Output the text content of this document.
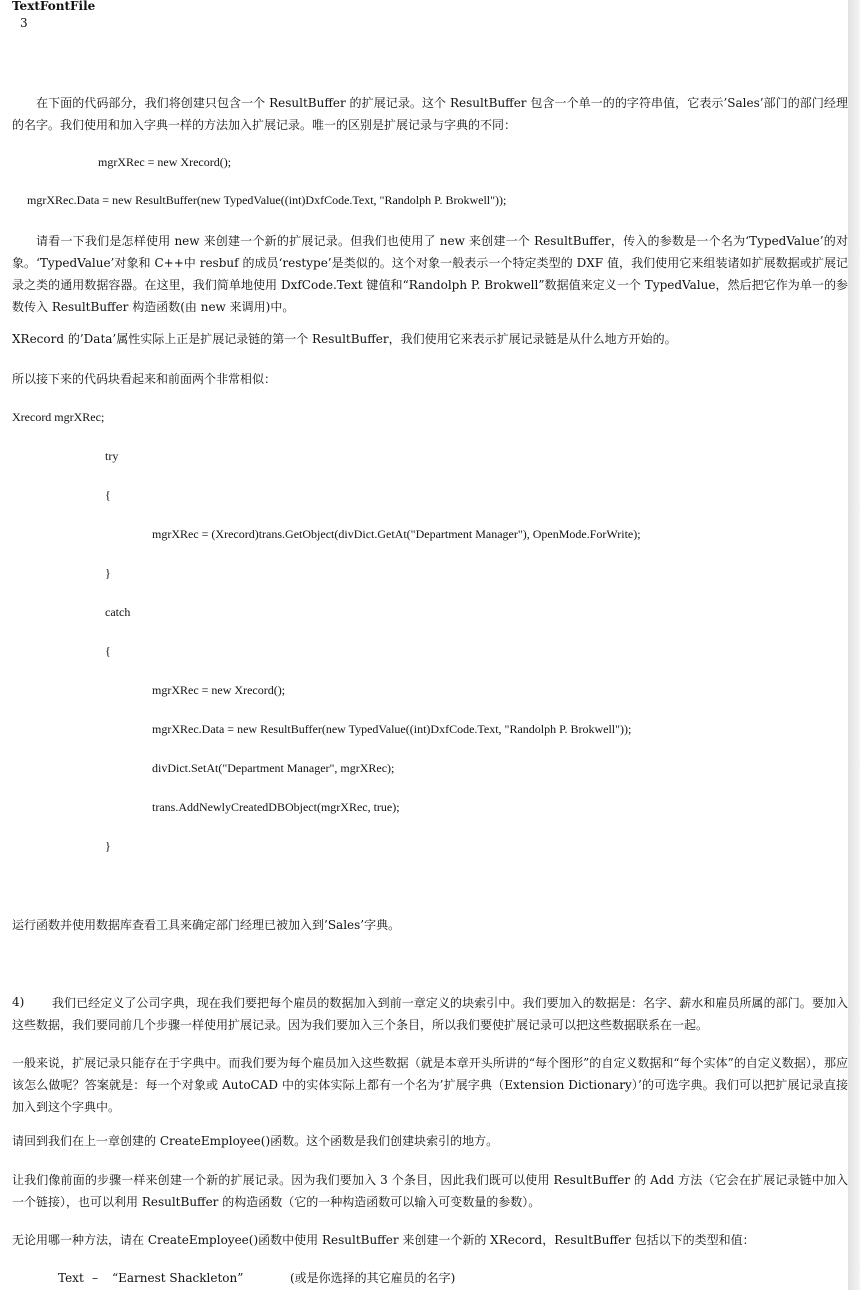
TextFontFile
3
在下面的代码部分，我们将创建只包含一个 ResultBuffer 的扩展记录。这个 ResultBuffer 包含一个单一的的字符串值，它表示’Sales’部门的部门经理的名字。我们使用和加入字典一样的方法加入扩展记录。唯一的区别是扩展记录与字典的不同：
mgrXRec = new Xrecord();
mgrXRec.Data = new ResultBuffer(new TypedValue((int)DxfCode.Text, "Randolph P. Brokwell"));
请看一下我们是怎样使用 new 来创建一个新的扩展记录。但我们也使用了 new 来创建一个 ResultBuffer，传入的参数是一个名为‘TypedValue’的对象。‘TypedValue’对象和 C++中 resbuf 的成员‘restype’是类似的。这个对象一般表示一个特定类型的 DXF 值，我们使用它来组装诸如扩展数据或扩展记录之类的通用数据容器。在这里，我们简单地使用 DxfCode.Text 键值和“Randolph P. Brokwell”数据值来定义一个 TypedValue，然后把它作为单一的参数传入 ResultBuffer 构造函数(由 new 来调用)中。
XRecord 的’Data’属性实际上正是扩展记录链的第一个 ResultBuffer，我们使用它来表示扩展记录链是从什么地方开始的。
所以接下来的代码块看起来和前面两个非常相似：
Xrecord mgrXRec;
try
{
mgrXRec = (Xrecord)trans.GetObject(divDict.GetAt("Department Manager"), OpenMode.ForWrite);
}
catch
{
mgrXRec = new Xrecord();
mgrXRec.Data = new ResultBuffer(new TypedValue((int)DxfCode.Text, "Randolph P. Brokwell"));
divDict.SetAt("Department Manager", mgrXRec);
trans.AddNewlyCreatedDBObject(mgrXRec, true);
}
运行函数并使用数据库查看工具来确定部门经理已被加入到’Sales’字典。
4)	我们已经定义了公司字典，现在我们要把每个雇员的数据加入到前一章定义的块索引中。我们要加入的数据是：名字、薪水和雇员所属的部门。要加入这些数据，我们要同前几个步骤一样使用扩展记录。因为我们要加入三个条目，所以我们要使扩展记录可以把这些数据联系在一起。
一般来说，扩展记录只能存在于字典中。而我们要为每个雇员加入这些数据（就是本章开头所讲的“每个图形”的自定义数据和“每个实体”的自定义数据），那应该怎么做呢？答案就是：每一个对象或 AutoCAD 中的实体实际上都有一个名为’扩展字典（Extension Dictionary）’的可选字典。我们可以把扩展记录直接加入到这个字典中。
请回到我们在上一章创建的 CreateEmployee()函数。这个函数是我们创建块索引的地方。
让我们像前面的步骤一样来创建一个新的扩展记录。因为我们要加入 3 个条目，因此我们既可以使用 ResultBuffer 的 Add 方法（它会在扩展记录链中加入一个链接），也可以利用 ResultBuffer 的构造函数（它的一种构造函数可以输入可变数量的参数）。
无论用哪一种方法，请在 CreateEmployee()函数中使用 ResultBuffer 来创建一个新的 XRecord，ResultBuffer 包括以下的类型和值：
Text – “Earnest Shackleton”	(或是你选择的其它雇员的名字)
